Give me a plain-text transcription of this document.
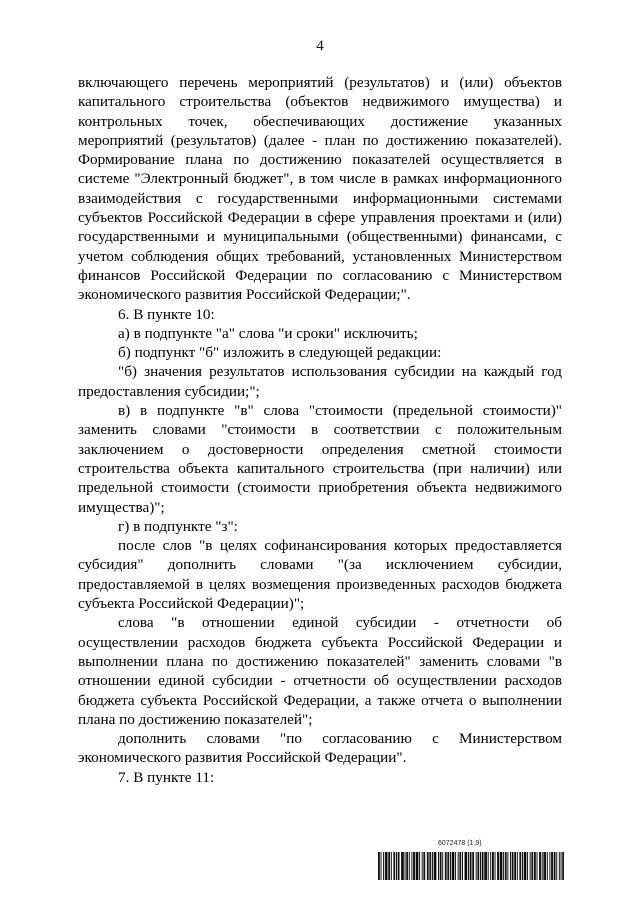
4

включающего перечень мероприятий (результатов) и (или) объектов капитального строительства (объектов недвижимого имущества) и контрольных точек, обеспечивающих достижение указанных мероприятий (результатов) (далее - план по достижению показателей). Формирование плана по достижению показателей осуществляется в системе "Электронный бюджет", в том числе в рамках информационного взаимодействия с государственными информационными системами субъектов Российской Федерации в сфере управления проектами и (или) государственными и муниципальными (общественными) финансами, с учетом соблюдения общих требований, установленных Министерством финансов Российской Федерации по согласованию с Министерством экономического развития Российской Федерации;".

6. В пункте 10:

а) в подпункте "а" слова "и сроки" исключить;

б) подпункт "б" изложить в следующей редакции:

"б) значения результатов использования субсидии на каждый год предоставления субсидии;";

в) в подпункте "в" слова "стоимости (предельной стоимости)" заменить словами "стоимости в соответствии с положительным заключением о достоверности определения сметной стоимости строительства объекта капитального строительства (при наличии) или предельной стоимости (стоимости приобретения объекта недвижимого имущества)";

г) в подпункте "з":

после слов "в целях софинансирования которых предоставляется субсидия" дополнить словами "(за исключением субсидии, предоставляемой в целях возмещения произведенных расходов бюджета субъекта Российской Федерации)";

слова "в отношении единой субсидии - отчетности об осуществлении расходов бюджета субъекта Российской Федерации и выполнении плана по достижению показателей" заменить словами "в отношении единой субсидии - отчетности об осуществлении расходов бюджета субъекта Российской Федерации, а также отчета о выполнении плана по достижению показателей";

дополнить словами "по согласованию с Министерством экономического развития Российской Федерации".

7. В пункте 11:

6072478 (1.9)
